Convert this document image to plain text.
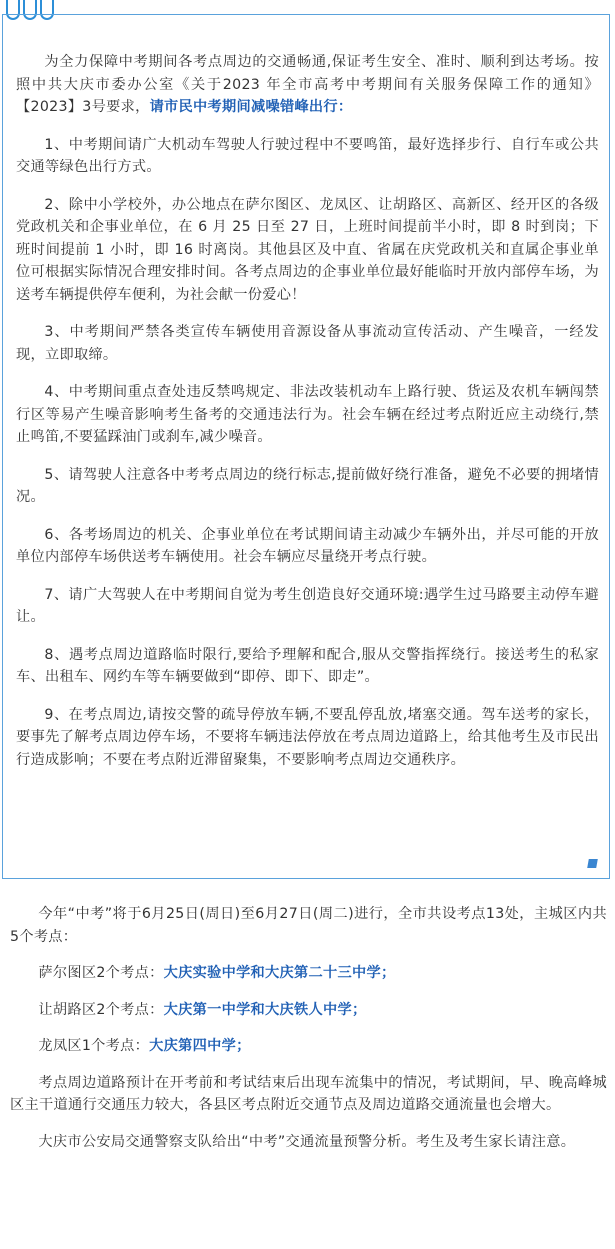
为全力保障中考期间各考点周边的交通畅通,保证考生安全、准时、顺利到达考场。按照中共大庆市委办公室《关于2023 年全市高考中考期间有关服务保障工作的通知》【2023】3号要求，请市民中考期间减噪错峰出行：

1、中考期间请广大机动车驾驶人行驶过程中不要鸣笛，最好选择步行、自行车或公共交通等绿色出行方式。

2、除中小学校外，办公地点在萨尔图区、龙凤区、让胡路区、高新区、经开区的各级党政机关和企事业单位，在 6 月 25 日至 27 日，上班时间提前半小时，即 8 时到岗；下班时间提前 1 小时，即 16 时离岗。其他县区及中直、省属在庆党政机关和直属企事业单位可根据实际情况合理安排时间。各考点周边的企事业单位最好能临时开放内部停车场，为送考车辆提供停车便利，为社会献一份爱心！

3、中考期间严禁各类宣传车辆使用音源设备从事流动宣传活动、产生噪音，一经发现，立即取缔。

4、中考期间重点查处违反禁鸣规定、非法改装机动车上路行驶、货运及农机车辆闯禁行区等易产生噪音影响考生备考的交通违法行为。社会车辆在经过考点附近应主动绕行,禁止鸣笛,不要猛踩油门或刹车,减少噪音。

5、请驾驶人注意各中考考点周边的绕行标志,提前做好绕行准备，避免不必要的拥堵情况。

6、各考场周边的机关、企事业单位在考试期间请主动减少车辆外出，并尽可能的开放单位内部停车场供送考车辆使用。社会车辆应尽量绕开考点行驶。

7、请广大驾驶人在中考期间自觉为考生创造良好交通环境:遇学生过马路要主动停车避让。

8、遇考点周边道路临时限行,要给予理解和配合,服从交警指挥绕行。接送考生的私家车、出租车、网约车等车辆要做到“即停、即下、即走”。

9、在考点周边,请按交警的疏导停放车辆,不要乱停乱放,堵塞交通。驾车送考的家长，要事先了解考点周边停车场，不要将车辆违法停放在考点周边道路上，给其他考生及市民出行造成影响；不要在考点附近滞留聚集，不要影响考点周边交通秩序。

今年“中考”将于6月25日(周日)至6月27日(周二)进行，全市共设考点13处，主城区内共5个考点：

萨尔图区2个考点：大庆实验中学和大庆第二十三中学；

让胡路区2个考点：大庆第一中学和大庆铁人中学；

龙凤区1个考点：大庆第四中学；

考点周边道路预计在开考前和考试结束后出现车流集中的情况，考试期间，早、晚高峰城区主干道通行交通压力较大，各县区考点附近交通节点及周边道路交通流量也会增大。

大庆市公安局交通警察支队给出“中考”交通流量预警分析。考生及考生家长请注意。
